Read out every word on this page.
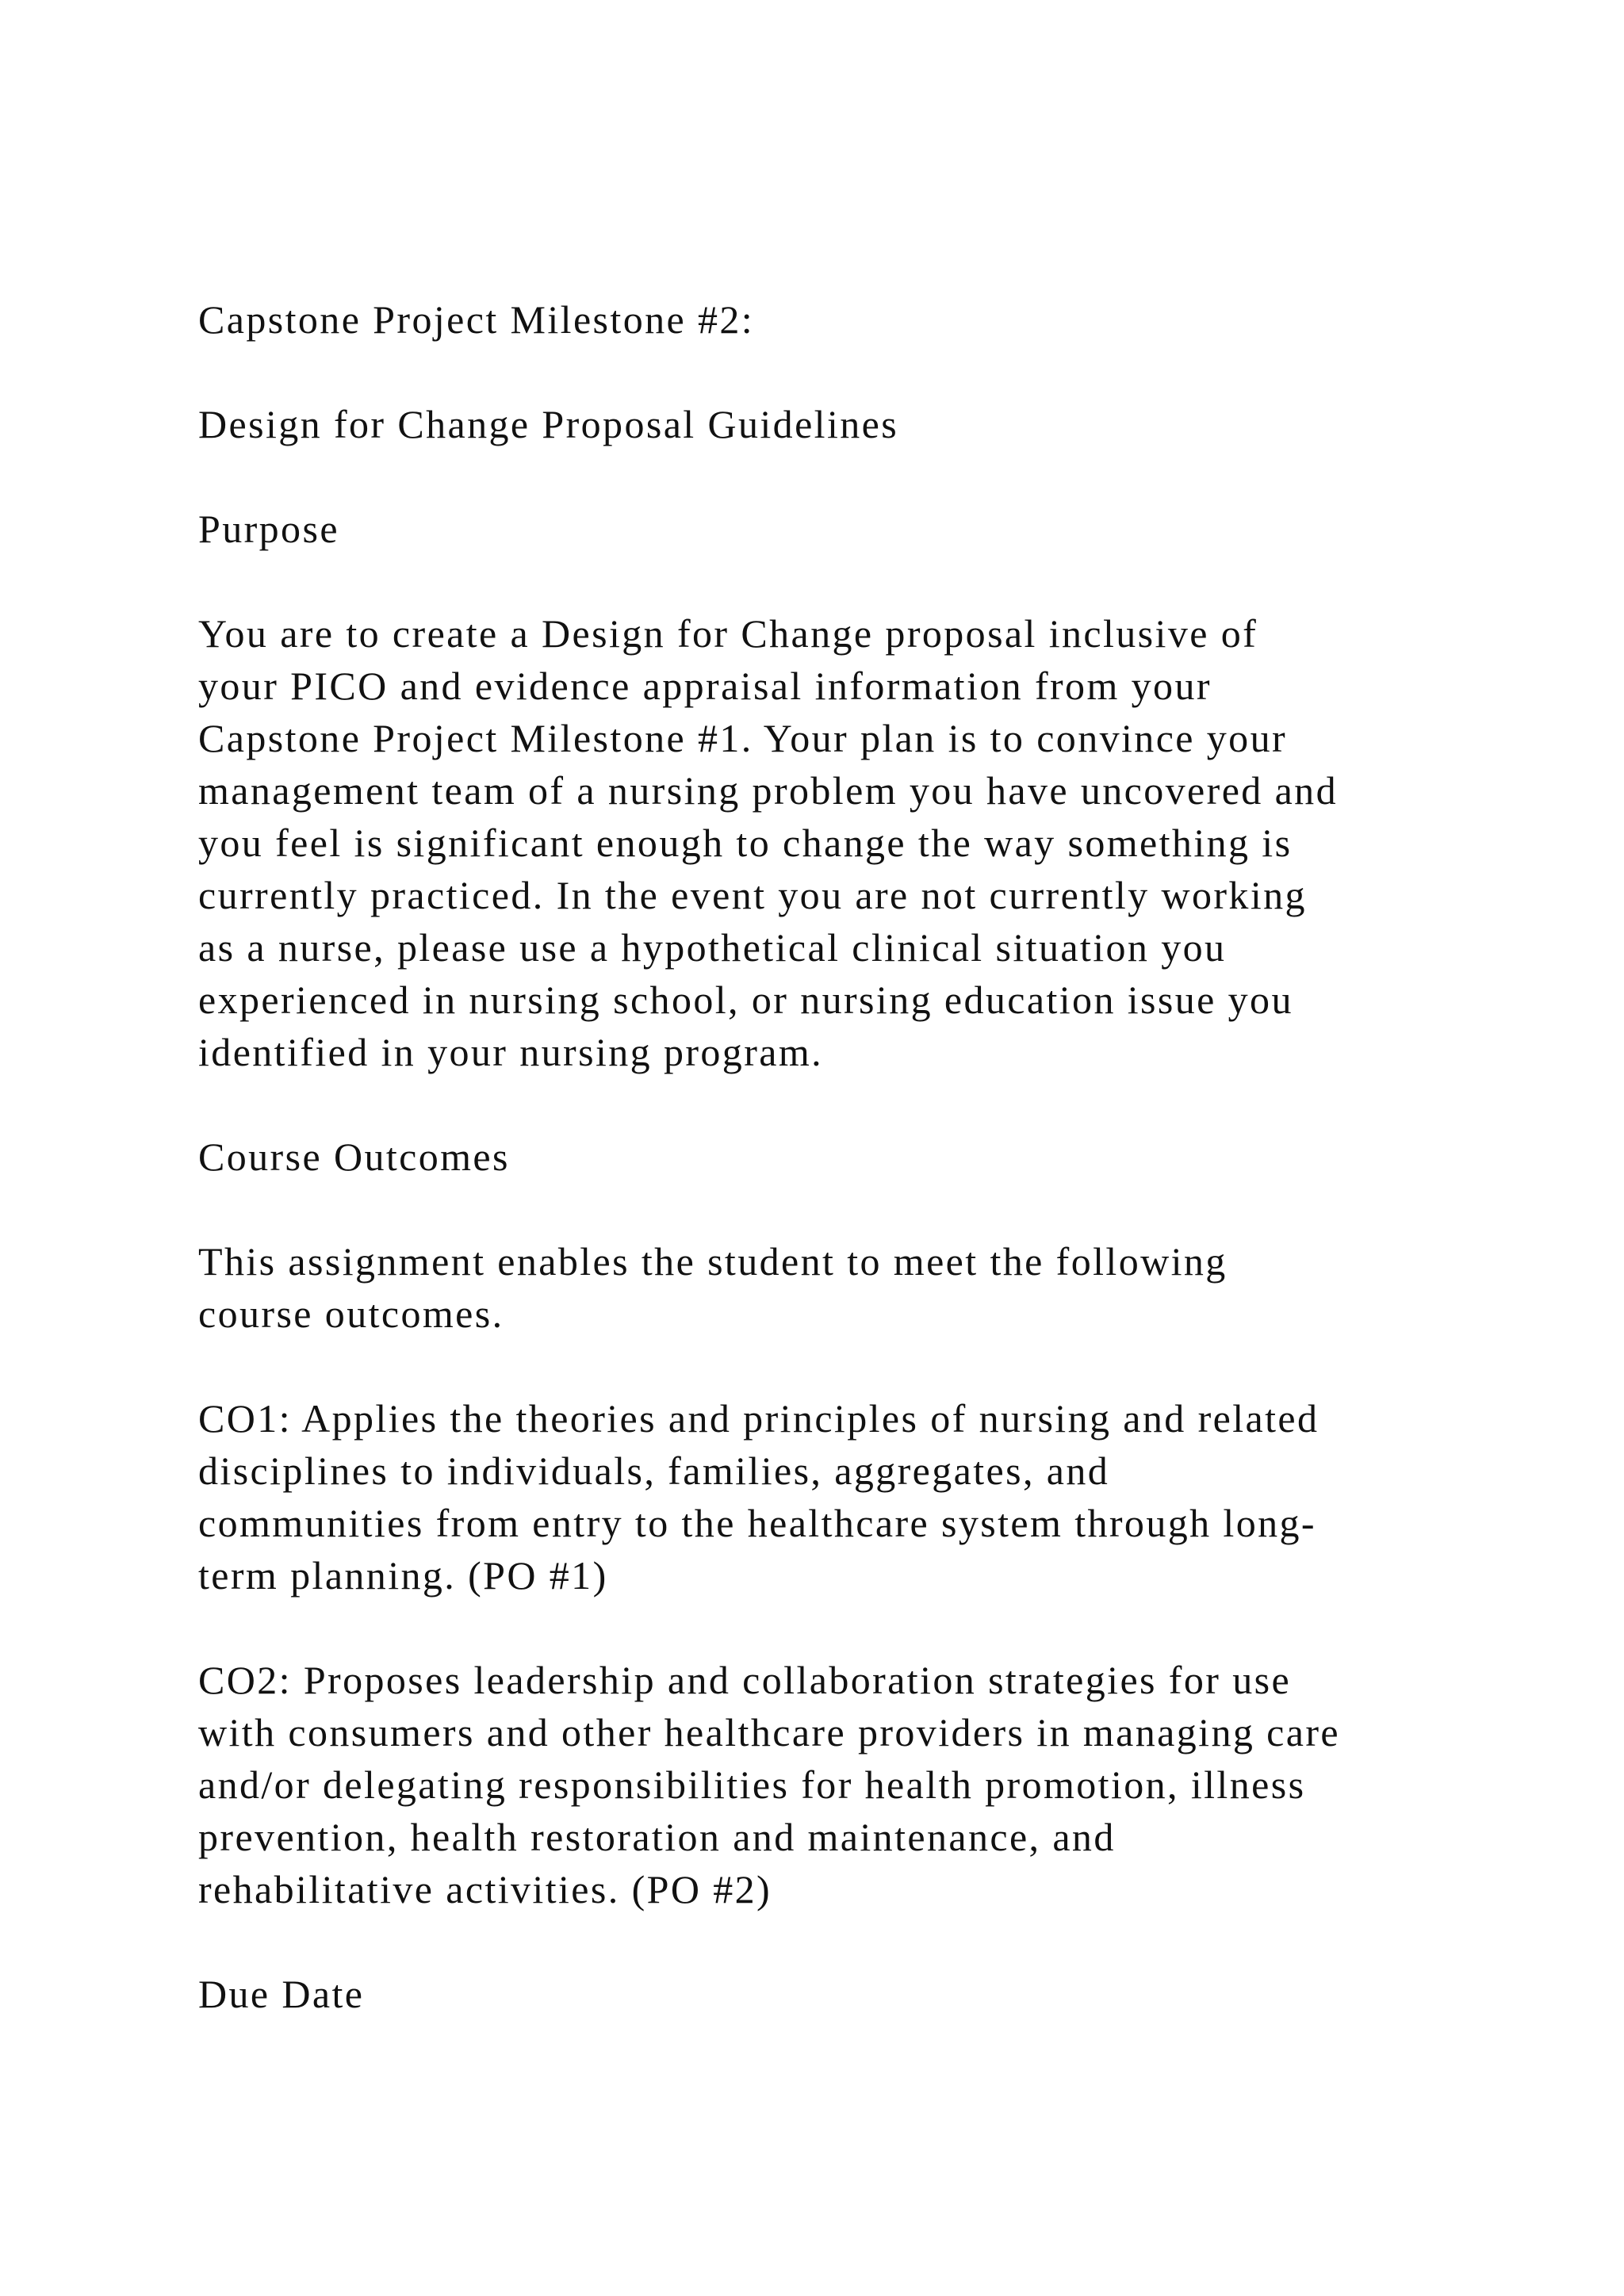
Capstone Project Milestone #2:

Design for Change Proposal Guidelines

Purpose

You are to create a Design for Change proposal inclusive of
your PICO and evidence appraisal information from your
Capstone Project Milestone #1. Your plan is to convince your
management team of a nursing problem you have uncovered and
you feel is significant enough to change the way something is
currently practiced. In the event you are not currently working
as a nurse, please use a hypothetical clinical situation you
experienced in nursing school, or nursing education issue you
identified in your nursing program.

Course Outcomes

This assignment enables the student to meet the following
course outcomes.

CO1: Applies the theories and principles of nursing and related
disciplines to individuals, families, aggregates, and
communities from entry to the healthcare system through long-
term planning. (PO #1)

CO2: Proposes leadership and collaboration strategies for use
with consumers and other healthcare providers in managing care
and/or delegating responsibilities for health promotion, illness
prevention, health restoration and maintenance, and
rehabilitative activities. (PO #2)

Due Date
